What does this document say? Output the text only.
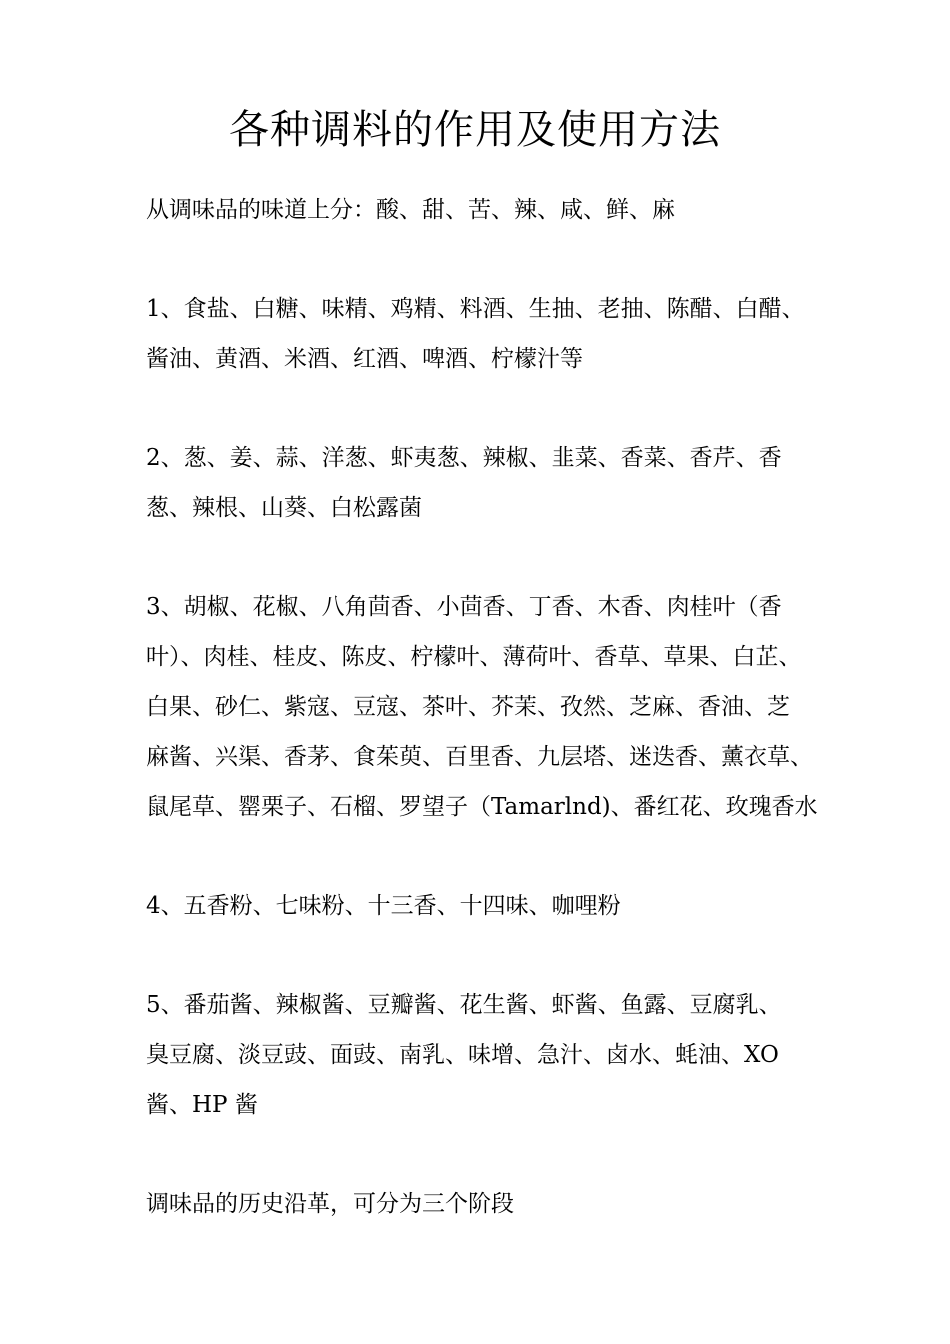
各种调料的作用及使用方法

从调味品的味道上分：酸、甜、苦、辣、咸、鲜、麻

1、食盐、白糖、味精、鸡精、料酒、生抽、老抽、陈醋、白醋、
酱油、黄酒、米酒、红酒、啤酒、柠檬汁等

2、葱、姜、蒜、洋葱、虾夷葱、辣椒、韭菜、香菜、香芹、香
葱、辣根、山葵、白松露菌

3、胡椒、花椒、八角茴香、小茴香、丁香、木香、肉桂叶（香
叶）、肉桂、桂皮、陈皮、柠檬叶、薄荷叶、香草、草果、白芷、
白果、砂仁、紫寇、豆寇、茶叶、芥茉、孜然、芝麻、香油、芝
麻酱、兴渠、香茅、食茱萸、百里香、九层塔、迷迭香、薰衣草、
鼠尾草、罂栗子、石榴、罗望子（Tamarlnd)、番红花、玫瑰香水

4、五香粉、七味粉、十三香、十四味、咖哩粉

5、番茄酱、辣椒酱、豆瓣酱、花生酱、虾酱、鱼露、豆腐乳、
臭豆腐、淡豆豉、面豉、南乳、味增、急汁、卤水、蚝油、XO
酱、HP 酱

调味品的历史沿革，可分为三个阶段
